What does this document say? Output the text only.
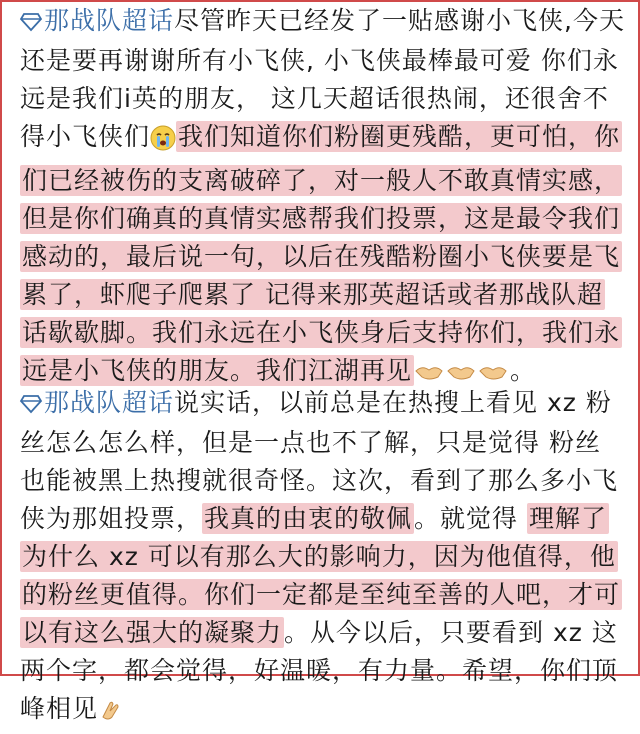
那战队超话尽管昨天已经发了一贴感谢小飞侠,今天还是要再谢谢所有小飞侠, 小飞侠最棒最可爱 你们永远是我们i英的朋友， 这几天超话很热闹，还很舍不得小飞侠们 我们知道你们粉圈更残酷，更可怕，你们已经被伤的支离破碎了，对一般人不敢真情实感，但是你们确真的真情实感帮我们投票，这是最令我们感动的，最后说一句，以后在残酷粉圈小飞侠要是飞累了，虾爬子爬累了 记得来那英超话或者那战队超话歇歇脚。我们永远在小飞侠身后支持你们，我们永远是小飞侠的朋友。我们江湖再见	。
那战队超话说实话，以前总是在热搜上看见 xz 粉丝怎么怎么样，但是一点也不了解，只是觉得 粉丝也能被黑上热搜就很奇怪。这次，看到了那么多小飞侠为那姐投票，我真的由衷的敬佩。就觉得 理解了 为什么 xz 可以有那么大的影响力，因为他值得，他的粉丝更值得。你们一定都是至纯至善的人吧，才可以有这么强大的凝聚力。从今以后，只要看到 xz 这两个字，都会觉得，好温暖，有力量。希望，你们顶峰相见
